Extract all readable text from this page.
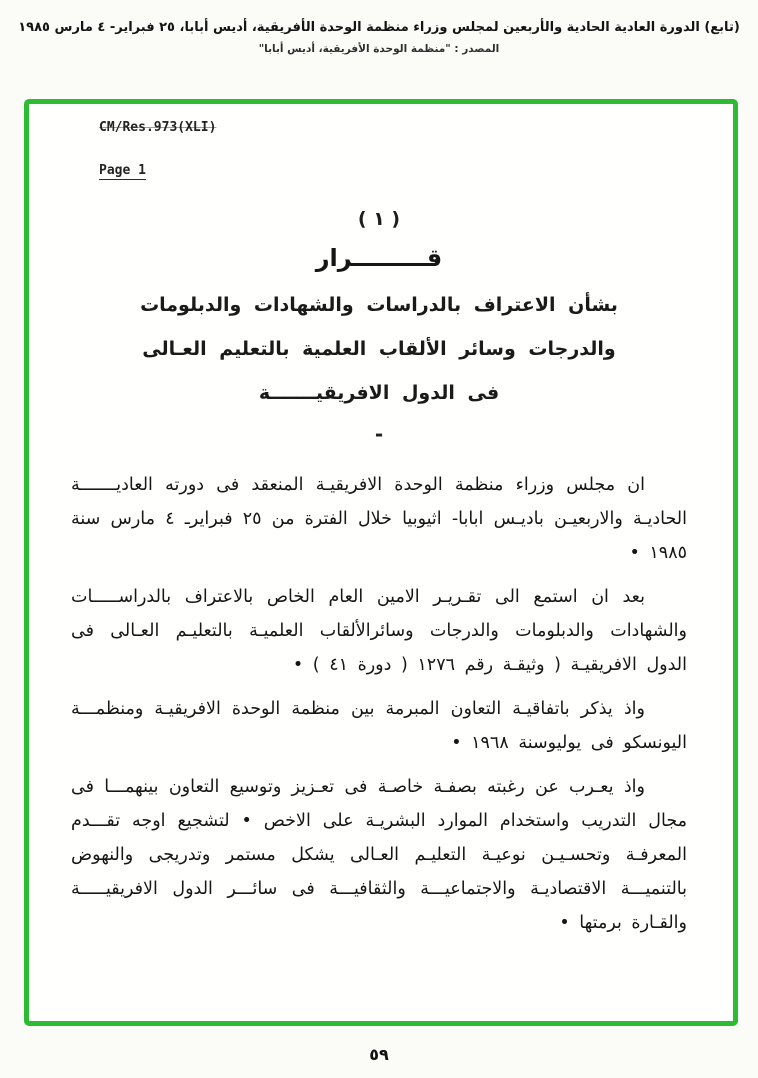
(تابع) الدورة العادية الحادية والأربعين لمجلس وزراء منظمة الوحدة الأفريقية، أديس أبابا، ٢٥ فبراير- ٤ مارس ١٩٨٥
المصدر : "منظمة الوحدة الأفريقية، أديس أبابا"
CM/Res.973(XLI)

Page 1
( ١ )
قـــــــــرار
بشأن الاعتراف بالدراسات والشهادات والدبلومات
والدرجات وسائر الألقاب العلمية بالتعليم العـالى
فى الدول الافريقيـــــــة
-

ان مجلس وزراء منظمة الوحدة الافريقيـة المنعقد فى دورته العاديـــــــة الحاديـة والاربعيـن باديـس ابابا- اثيوبيا خلال الفترة من ٢٥ فبرايرـ ٤ مارس سنة ١٩٨٥ •

بعد ان استمع الى تقـريـر الامين العام الخاص بالاعتراف بالدراســـــات والشهادات والدبلومات والدرجات وسائرالألقاب العلميـة بالتعليـم العـالى فى الدول الافريقيـة ( وثيقـة رقم ١٢٧٦ ( دورة ٤١ ) •

واذ يذكر باتفاقيـة التعاون المبرمة بين منظمة الوحدة الافريقيـة ومنظمـــة اليونسكو فى يوليوسنة ١٩٦٨ •

واذ يعـرب عن رغبته بصفـة خاصـة فى تعـزيز وتوسيع التعاون بينهمـــا فى مجال التدريب واستخدام الموارد البشريـة على الاخص • لتشجيع اوجه تقـــدم المعرفـة وتحسـيـن نوعيـة التعليـم العـالى يشكل مستمر وتدريجى والنهوض بالتنميـــة الاقتصاديـة والاجتماعيـــة والثقافيـــة فى سائـــر الدول الافريقيـــــة والقـارة برمتها •

٥٩
